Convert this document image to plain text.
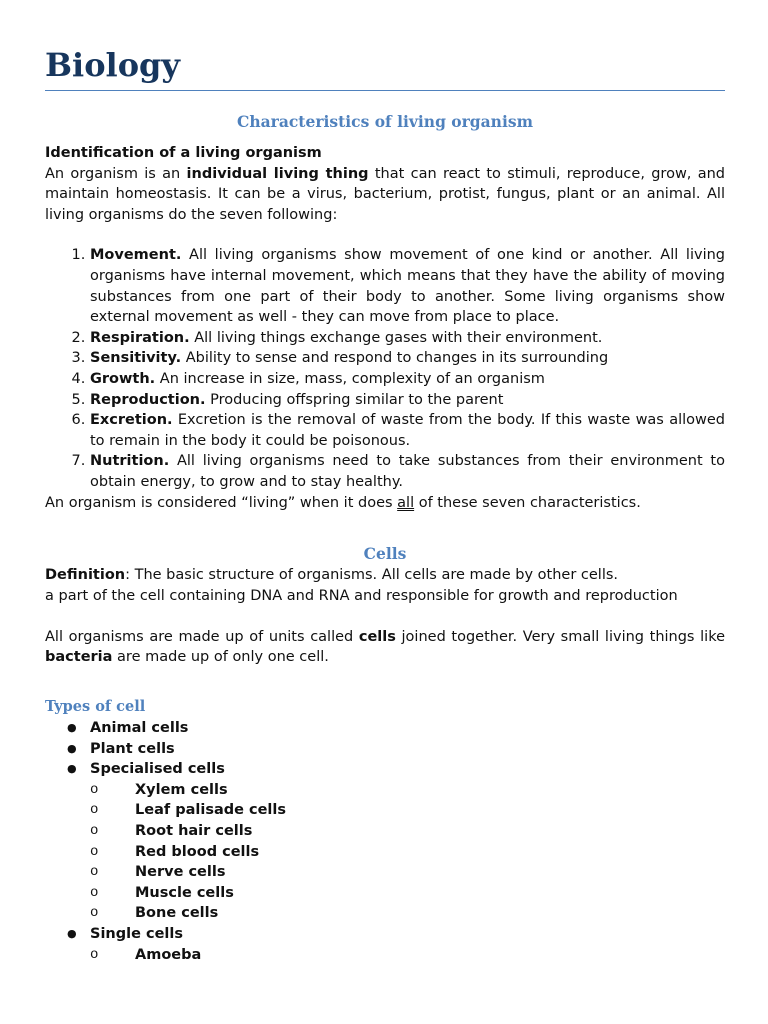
Biology
Characteristics of living organism

Identification of a living organism

An organism is an individual living thing that can react to stimuli, reproduce, grow, and maintain homeostasis. It can be a virus, bacterium, protist, fungus, plant or an animal. All living organisms do the seven following:

1. Movement. All living organisms show movement of one kind or another. All living organisms have internal movement, which means that they have the ability of moving substances from one part of their body to another. Some living organisms show external movement as well - they can move from place to place.
2. Respiration. All living things exchange gases with their environment.
3. Sensitivity. Ability to sense and respond to changes in its surrounding
4. Growth. An increase in size, mass, complexity of an organism
5. Reproduction. Producing offspring similar to the parent
6. Excretion. Excretion is the removal of waste from the body. If this waste was allowed to remain in the body it could be poisonous.
7. Nutrition. All living organisms need to take substances from their environment to obtain energy, to grow and to stay healthy.

An organism is considered “living” when it does all of these seven characteristics.

Cells

Definition: The basic structure of organisms. All cells are made by other cells.

a part of the cell containing DNA and RNA and responsible for growth and reproduction

All organisms are made up of units called cells joined together. Very small living things like bacteria are made up of only one cell.

Types of cell
● Animal cells
● Plant cells
● Specialised cells
o Xylem cells
o Leaf palisade cells
o Root hair cells
o Red blood cells
o Nerve cells
o Muscle cells
o Bone cells
● Single cells
o Amoeba
